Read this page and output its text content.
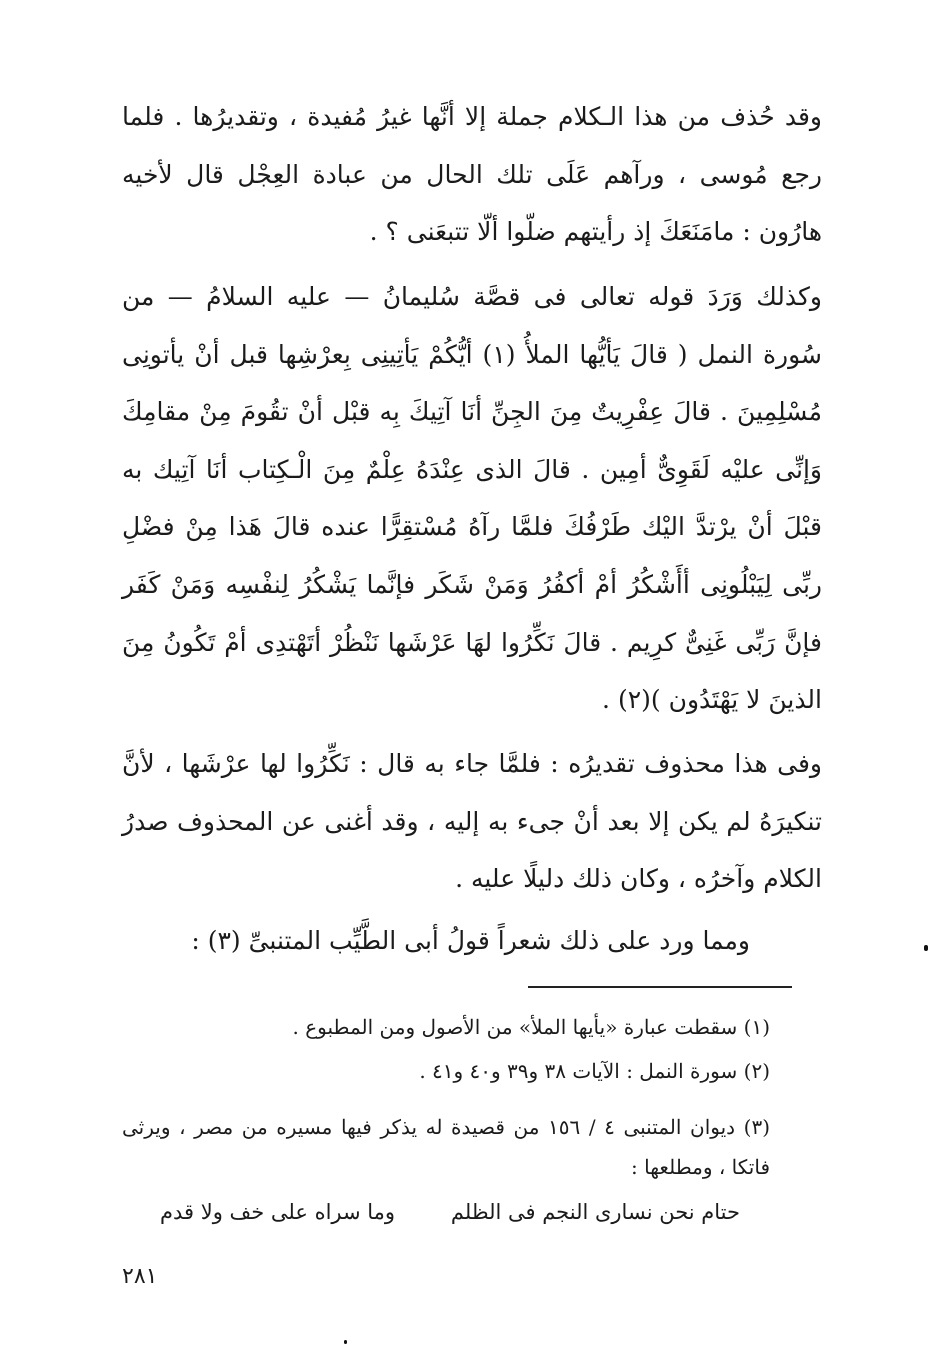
وقد حُذف من هذا الـكلام جملة إلا أنَّها غيرُ مُفيدة ، وتقديرُها . فلما رجع مُوسى ، ورآهم عَلَى تلك الحال من عبادة العِجْل قال لأخيه هارُون : مامَنَعَكَ إذ رأيتهم ضلّوا ألّا تتبعَنى ؟ .

وكذلك وَرَدَ قوله تعالى فى قصَّة سُليمانُ — عليه السلامُ — من سُورة النمل ( قالَ يَأيُّها الملأُ (١) أيُّكُمْ يَأتِينِى بِعرْشِها قبل أنْ يأتونِى مُسْلِمِينَ . قالَ عِفْرِيتٌ مِنَ الجِنِّ أنَا آتِيكَ بِه قبْل أنْ تقُومَ مِنْ مقامِكَ وَإنِّى عليْه لَقَوِىٌّ أمِين . قالَ الذى عِنْدَهُ عِلْمٌ مِنَ الْـكِتاب أنَا آتِيك به قبْلَ أنْ يرْتدَّ اليْك طَرْفُكَ فلمَّا رآهُ مُسْتقِرًّا عنده قالَ هَذا مِنْ فضْلِ ربِّى لِيَبْلُونِى أأَشْكُرُ أمْ أكفُرُ وَمَنْ شَكَر فإنَّما يَشْكُرُ لِنفْسِه وَمَنْ كَفَر فإنَّ رَبِّى غَنِىٌّ كرِيم . قالَ نَكِّرُوا لهَا عَرْشَها نَنْظُرْ أتَهْتدِى أمْ تَكُونُ مِنَ الذينَ لا يَهْتَدُون )(٢) .

وفى هذا محذوف تقديرُه : فلمَّا جاء به قال : نَكِّرُوا لها عرْشَها ، لأنَّ تنكيرَهُ لم يكن إلا بعد أنْ جىء به إليه ، وقد أغنى عن المحذوف صدرُ الكلام وآخرُه ، وكان ذلك دليلًا عليه .

ومما ورد على ذلك شعراً قولُ أبى الطَّيِّب المتنبىِّ (٣) :

(١) سقطت عبارة «يأيها الملأ» من الأصول ومن المطبوع .

(٢) سورة النمل : الآيات ٣٨ و٣٩ و٤٠ و٤١ .

(٣) ديوان المتنبى ٤ / ١٥٦ من قصيدة له يذكر فيها مسيره من مصر ، ويرثى فاتكا ، ومطلعها :

حتام نحن نسارى النجم فى الظلم
وما سراه على خف ولا قدم
٢٨١
